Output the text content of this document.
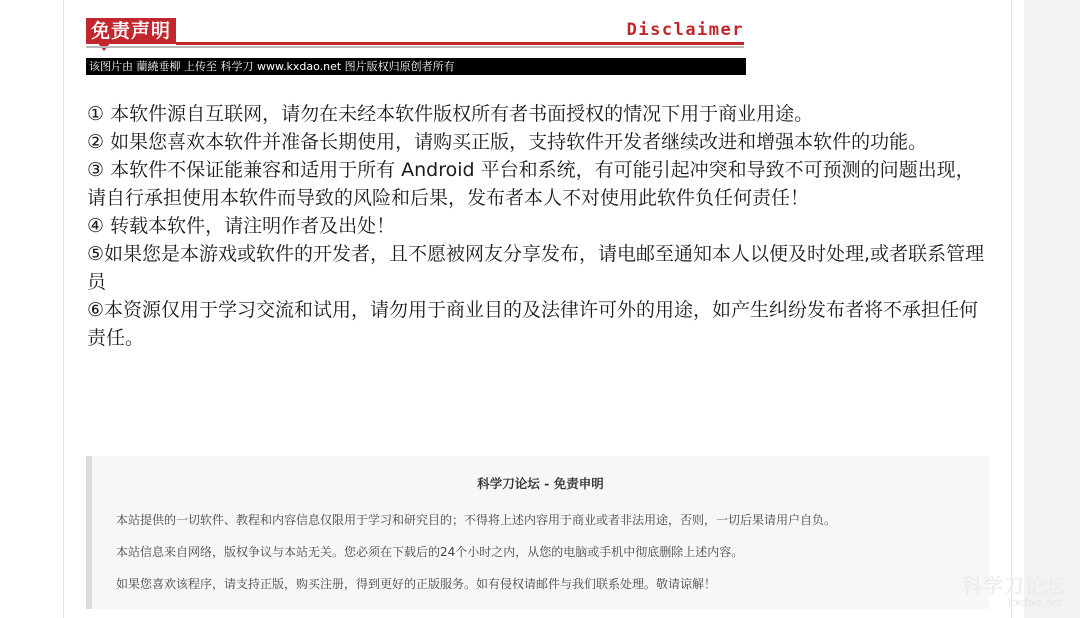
免责声明	Disclaimer
该图片由 蘭繞垂柳 上传至 科学刀 www.kxdao.net 图片版权归原创者所有

① 本软件源自互联网，请勿在未经本软件版权所有者书面授权的情况下用于商业用途。

② 如果您喜欢本软件并准备长期使用，请购买正版，支持软件开发者继续改进和增强本软件的功能。

③ 本软件不保证能兼容和适用于所有 Android 平台和系统，有可能引起冲突和导致不可预测的问题出现，请自行承担使用本软件而导致的风险和后果，发布者本人不对使用此软件负任何责任！

④ 转载本软件，请注明作者及出处！

⑤如果您是本游戏或软件的开发者，且不愿被网友分享发布，请电邮至通知本人以便及时处理,或者联系管理员

⑥本资源仅用于学习交流和试用，请勿用于商业目的及法律许可外的用途，如产生纠纷发布者将不承担任何责任。

科学刀论坛 - 免责申明
本站提供的一切软件、教程和内容信息仅限用于学习和研究目的；不得将上述内容用于商业或者非法用途，否则，一切后果请用户自负。
本站信息来自网络，版权争议与本站无关。您必须在下载后的24个小时之内，从您的电脑或手机中彻底删除上述内容。
如果您喜欢该程序，请支持正版，购买注册，得到更好的正版服务。如有侵权请邮件与我们联系处理。敬请谅解！	科学刀论坛
kxdao.net
